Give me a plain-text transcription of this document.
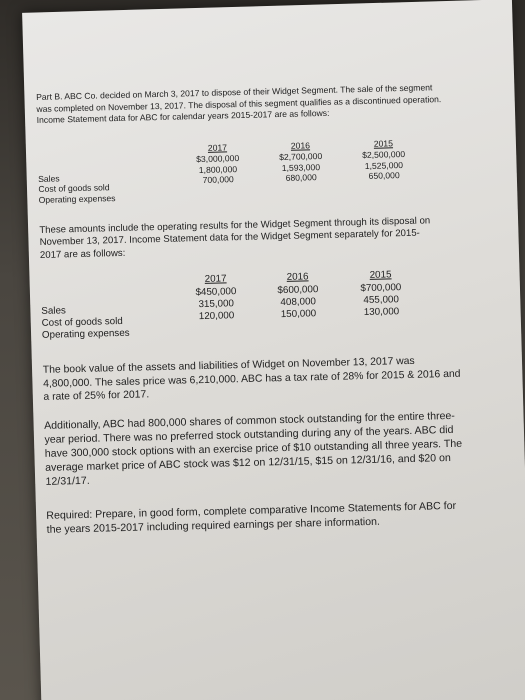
Part B. ABC Co. decided on March 3, 2017 to dispose of their Widget Segment. The sale of the segment was completed on November 13, 2017. The disposal of this segment qualifies as a discontinued operation. Income Statement data for ABC for calendar years 2015-2017 are as follows:

Sales
Cost of goods sold
Operating expenses
2017
$3,000,000
1,800,000
700,000
2016
$2,700,000
1,593,000
680,000
2015
$2,500,000
1,525,000
650,000

These amounts include the operating results for the Widget Segment through its disposal on November 13, 2017. Income Statement data for the Widget Segment separately for 2015-2017 are as follows:

Sales
Cost of goods sold
Operating expenses
2017
$450,000
315,000
120,000
2016
$600,000
408,000
150,000
2015
$700,000
455,000
130,000

The book value of the assets and liabilities of Widget on November 13, 2017 was 4,800,000. The sales price was 6,210,000. ABC has a tax rate of 28% for 2015 & 2016 and a rate of 25% for 2017.

Additionally, ABC had 800,000 shares of common stock outstanding for the entire three-year period. There was no preferred stock outstanding during any of the years. ABC did have 300,000 stock options with an exercise price of $10 outstanding all three years. The average market price of ABC stock was $12 on 12/31/15, $15 on 12/31/16, and $20 on 12/31/17.

Required: Prepare, in good form, complete comparative Income Statements for ABC for the years 2015-2017 including required earnings per share information.
